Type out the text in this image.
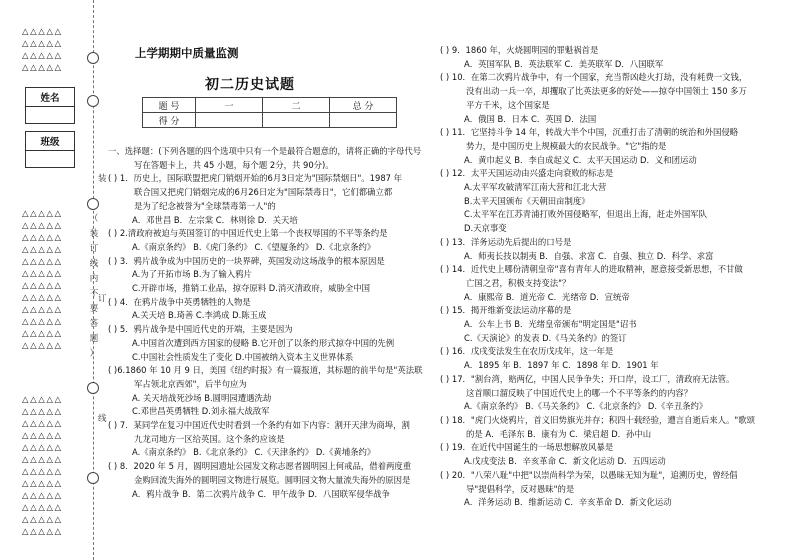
△△△△△
△△△△△
△△△△△
△△△△△
△△△△△
△△△△△
△△△△△
△△△△△
△△△△△
△△△△△
△△△△△
△△△△△
△△△△△
△△△△△
△△△△△
△△△△△
△△△△△
△△△△△
△△△△△
△△△△△
△△△△△
△△△△△
△△△△△
△△△△△
△△△△△
△△△△△
△△△△△
△△△△△
姓名
班级
装
订
线
（
装
订
线
内
不
要
答
题
）
上学期期中质量监测
初二历史试题
题 号	一	二	总 分
得 分			

一、选择题：(下列各题的四个选项中只有一个是最符合题意的，请将正确的字母代号

写在答题卡上，共 45 小题，每个题 2分，共 90分)。

( ) 1．历史上，国际联盟把虎门销烟开始的6月3日定为"国际禁烟日"。1987 年

联合国又把虎门销烟完成的6月26日定为"国际禁毒日"，它们都确立都

是为了纪念被誉为"全球禁毒第一人"的

A．邓世昌 B．左宗棠 C．林则徐 D．关天培

( ) 2.清政府被迫与英国签订的中国近代史上第一个丧权辱国的不平等条约是

A.《南京条约》 B.《虎门条约》 C.《望厦条约》 D.《北京条约》

( ) 3．鸦片战争成为中国历史的一块界碑，英国发动这场战争的根本原因是

A.为了开拓市场 B.为了输入鸦片

C.开辟市场，推销工业品，掠夺原料 D.消灭清政府，威胁全中国

( ) 4．在鸦片战争中英勇牺牲的人物是

A.关天培 B.琦善 C.李鸿成 D.陈玉成

( ) 5．鸦片战争是中国近代史的开端，主要是因为

A.中国首次遭到西方国家的侵略 B.它开创了以条约形式掠夺中国的先例

C.中国社会性质发生了变化 D.中国被纳入资本主义世界体系

( )6.1860 年 10 月 9 日，美国《纽约时报》有一篇报道，其标题的前半句是"英法联

军占领北京西郊"，后半句应为

A. 关天培战死沙场 B.圆明园遭遇洗劫

C.邓世昌英勇牺牲 D.刘永福大战敌军

( ) 7．某同学在复习中国近代史时看到一个条约有如下内容：割开天津为商埠，割

九龙司地方一区给英国。这个条约应该是

A.《南京条约》 B.《北京条约》 C.《天津条约》 D.《黄埔条约》

( ) 8．2020 年 5 月，圆明园遗址公园发文称志愿者圆明园上何戒品，借着两度重

金购回流失海外的圆明园文物进行展览。圆明园文物大量流失海外的原因是

A．鸦片战争 B．第二次鸦片战争 C．甲午战争 D．八国联军侵华战争

( ) 9．1860 年，火烧圆明园的罪魁祸首是

A．英国军队 B．英法联军 C．美英联军 D．八国联军

( ) 10．在第二次鸦片战争中，有一个国家，充当帮凶趁火打劫，没有耗费一文钱，

没有出动一兵一卒，却攫取了比英法更多的好处——掠夺中国领土 150 多万

平方千米，这个国家是

A．俄国 B．日本 C．英国 D．法国

( ) 11．它坚持斗争 14 年，转战大半个中国，沉重打击了清朝的统治和外国侵略

势力，是中国历史上规模最大的农民战争。"它"指的是

A．黄巾起义 B．李自成起义 C．太平天国运动 D．义和团运动

( ) 12．太平天国运动由兴盛走向衰败的标志是

A.太平军攻破清军江南大营和江北大营

B.太平天国颁布《天朝田亩制度》

C.太平军在江苏青浦打败外国侵略军，但退出上海，赶走外国军队

D.天京事变

( ) 13．洋务运动先后提出的口号是

A．师夷长技以制夷 B．自强、求富 C．自强、独立 D．科学、求富

( ) 14．近代史上哪份清朝皇帝"喜有青年人的进取精神，愿意接受新思想，不甘做

亡国之君，积极支持变法"？

A．康熙帝 B．道光帝 C．光绪帝 D．宣统帝

( ) 15．揭开维新变法运动序幕的是

A．公车上书 B．光绪皇帝颁布"明定国是"诏书

C.《天演论》的发表 D.《马关条约》的签订

( ) 16．戊戌变法发生在农历戊戌年，这一年是

A．1895 年 B．1897 年 C．1898 年 D．1901 年

( ) 17．"割台湾，赔两亿，中国人民争争失；开口岸，设工厂，清政府无法管。

这首顺口溜反映了中国近代史上的哪一个不平等条约的内容？

A.《南京条约》 B.《马关条约》 C.《北京条约》 D.《辛丑条约》

( ) 18．"虎门火烧鸦片，首义旧势旗光并存；积四十载经验，遭言自逝后来人。"歌颂

的是 A．毛泽东 B．康有为 C．梁启超 D．孙中山

( ) 19．在近代中国诞生的一场思想解放风暴是

A.戊戌变法 B．辛亥革命 C．新文化运动 D．五四运动

( ) 20．"八荣八耻"中把"以崇尚科学为荣，以愚昧无知为耻"，追溯历史，曾经倡

导"提倡科学，反对愚昧"的是

A．洋务运动 B．维新运动 C．辛亥革命 D．新文化运动
